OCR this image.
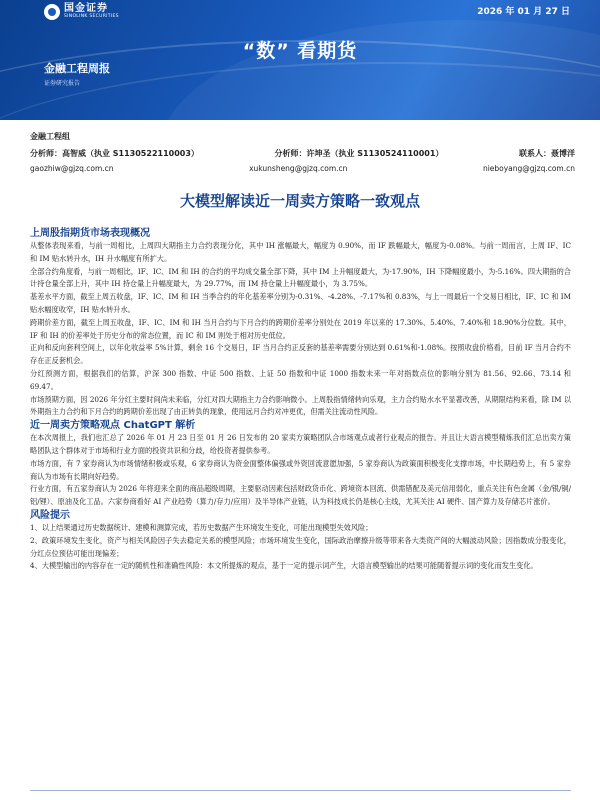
国金证券
SINOLINK SECURITIES	2026 年 01 月 27 日
“数” 看期货
金融工程周报
证券研究报告
金融工程组
分析师：高智威（执业 S1130522110003）	分析师：许坤圣（执业 S1130524110001）	联系人：聂博洋
gaozhiw@gjzq.com.cn	xukunsheng@gjzq.com.cn	nieboyang@gjzq.com.cn
大模型解读近一周卖方策略一致观点
上周股指期货市场表现概况

从整体表现来看，与前一周相比，上周四大期指主力合约表现分化，其中 IH 涨幅最大，幅度为 0.90%，而 IF 跌幅最大，幅度为-0.08%。与前一周而言，上周 IF、IC 和 IM 贴水转升水，IH 升水幅度有所扩大。

全部合约角度看，与前一周相比，IF、IC、IM 和 IH 的合约的平均成交量全部下降，其中 IM 上升幅度最大，为-17.90%，IH 下降幅度最小，为-5.16%。四大期指的合计持仓量全部上升，其中 IH 持仓量上升幅度最大，为 29.77%，而 IM 持仓量上升幅度最小，为 3.75%。

基差水平方面，截至上周五收盘，IF、IC、IM 和 IH 当季合约的年化基差率分别为-0.31%、-4.28%、-7.17%和 0.83%，与上一周最后一个交易日相比，IF、IC 和 IM 贴水幅度收窄，IH 贴水转升水。

跨期价差方面，截至上周五收盘，IF、IC、IM 和 IH 当月合约与下月合约的跨期价差率分别处在 2019 年以来的 17.30%、5.40%、7.40%和 18.90%分位数。其中，IF 和 IH 的价差率处于历史分布的常态位置，而 IC 和 IM 则处于相对历史低位。

正向和反向套利空间上，以年化收益率 5%计算，剩余 16 个交易日，IF 当月合约正反套的基差率需要分别达到 0.61%和-1.08%。按照收盘价格看，目前 IF 当月合约不存在正反套机会。

分红预测方面，根据我们的估算，沪深 300 指数、中证 500 指数、上证 50 指数和中证 1000 指数未来一年对指数点位的影响分别为 81.56、92.66、73.14 和 69.47。

市场预期方面，因 2026 年分红主要时间尚未来临，分红对四大期指主力合约影响微小。上周股指情绪转向乐观，主力合约贴水水平显著改善，从期限结构来看，除 IM 以外期指主力合约和下月合约的跨期价差出现了由正转负的现象，使用远月合约对冲更优，但需关注流动性风险。

近一周卖方策略观点 ChatGPT 解析

在本次周报上，我们也汇总了 2026 年 01 月 23 日至 01 月 26 日发布的 20 家卖方策略团队合市场观点或者行业观点的报告。并且让大语言模型精炼我们汇总出卖方策略团队这个群体对于市场和行业方面的投资共识和分歧，给投资者提供参考。

市场方面，有 7 家券商认为市场情绪积极或乐观，6 家券商认为资金面整体偏强或外资回流意愿加强，5 家券商认为政策面积极变化支撑市场，中长期趋势上，有 5 家券商认为市场有长期向好趋势。

行业方面，有五家券商认为 2026 年将迎来全面的商品超级周期，主要驱动因素包括财政货币化、跨境资本回流、供需错配及美元信用弱化，重点关注有色金属（金/银/铜/铝/锂）、原油及化工品。六家券商看好 AI 产业趋势（算力/存力/应用）及半导体产业链，认为科技成长仍是核心主线，尤其关注 AI 硬件、国产算力及存储芯片涨价。

风险提示

1、以上结果通过历史数据统计、建模和测算完成，若历史数据产生环境发生变化，可能出现模型失效风险；

2、政策环境发生变化，资产与相关风险因子失去稳定关系的模型风险；市场环境发生变化，国际政治摩擦升级等带来各大类资产间的大幅波动风险；因指数成分股变化，分红点位预估可能出现偏差；

4、大模型输出的内容存在一定的随机性和准确性风险：本文所提炼的观点，基于一定的提示词产生，大语言模型输出的结果可能随着提示词的变化而发生变化。
